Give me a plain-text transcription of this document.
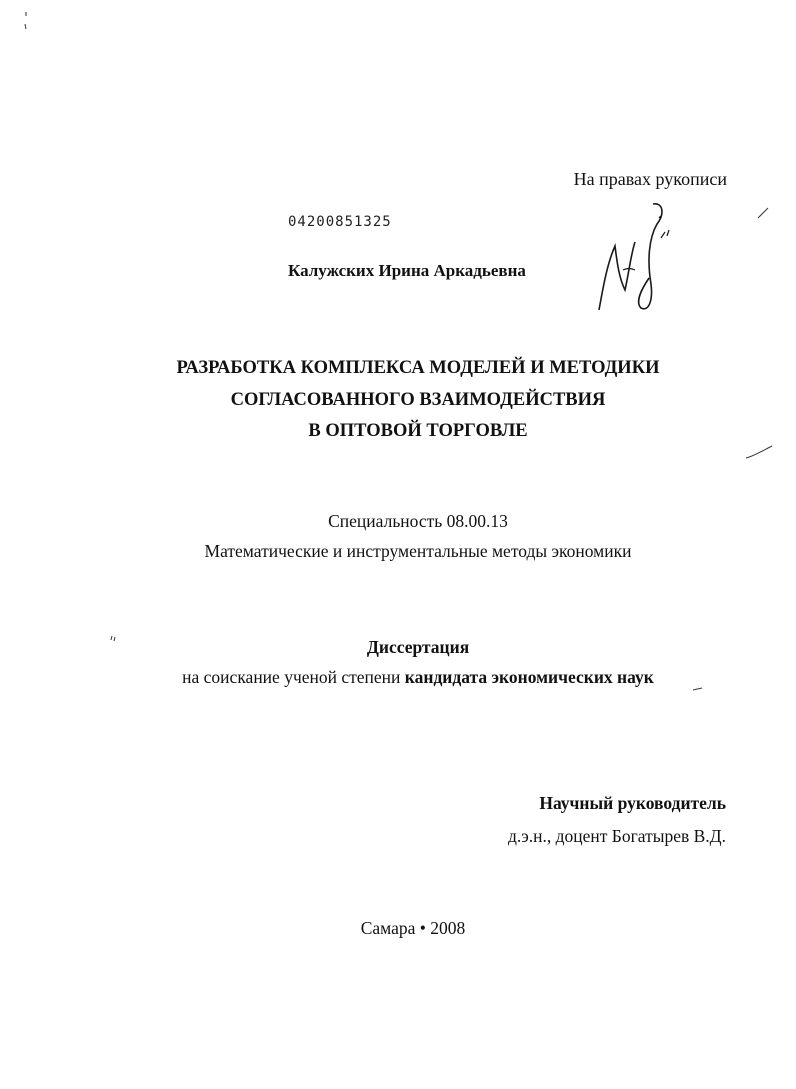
На правах рукописи
04200851325
Калужских Ирина Аркадьевна
РАЗРАБОТКА КОМПЛЕКСА МОДЕЛЕЙ И МЕТОДИКИ
СОГЛАСОВАННОГО ВЗАИМОДЕЙСТВИЯ
В ОПТОВОЙ ТОРГОВЛЕ
Специальность 08.00.13
Математические и инструментальные методы экономики
Диссертация
на соискание ученой степени кандидата экономических наук
Научный руководитель
д.э.н., доцент Богатырев В.Д.
Самара • 2008
